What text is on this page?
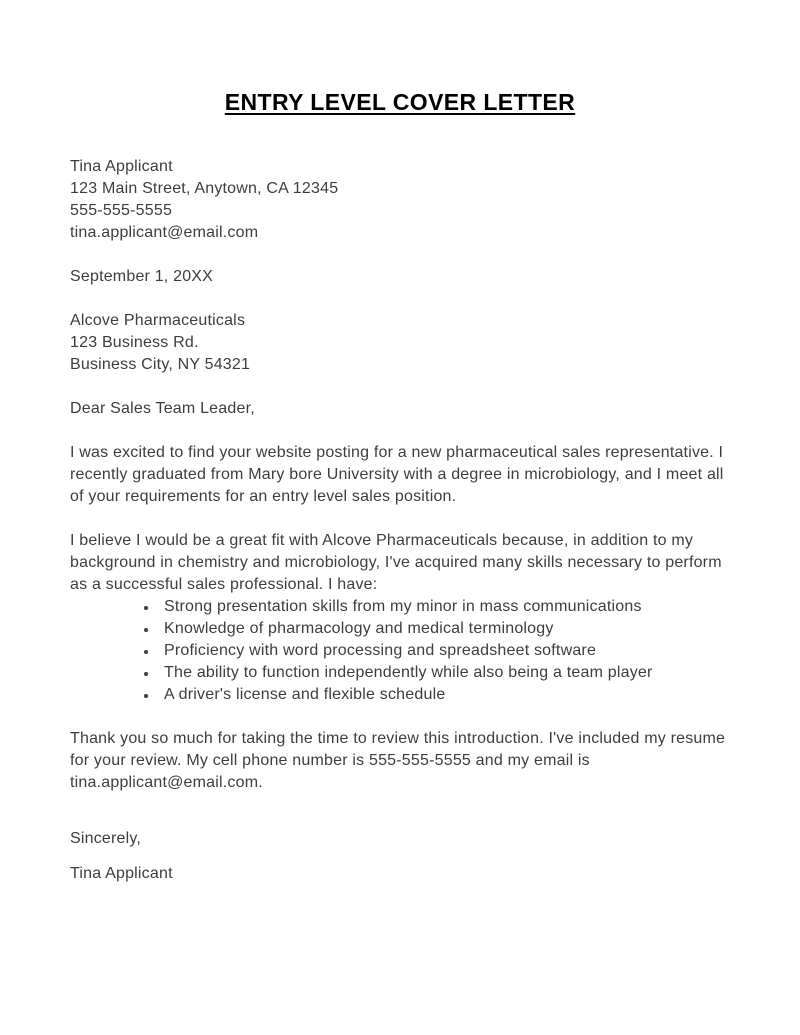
ENTRY LEVEL COVER LETTER
Tina Applicant
123 Main Street, Anytown, CA 12345
555-555-5555
tina.applicant@email.com
September 1, 20XX
Alcove Pharmaceuticals
123 Business Rd.
Business City, NY 54321
Dear Sales Team Leader,

I was excited to find your website posting for a new pharmaceutical sales representative. I recently graduated from Mary bore University with a degree in microbiology, and I meet all of your requirements for an entry level sales position.

I believe I would be a great fit with Alcove Pharmaceuticals because, in addition to my background in chemistry and microbiology, I've acquired many skills necessary to perform as a successful sales professional. I have:

• Strong presentation skills from my minor in mass communications
• Knowledge of pharmacology and medical terminology
• Proficiency with word processing and spreadsheet software
• The ability to function independently while also being a team player
• A driver's license and flexible schedule

Thank you so much for taking the time to review this introduction. I've included my resume for your review. My cell phone number is 555-555-5555 and my email is tina.applicant@email.com.

Sincerely,
Tina Applicant
